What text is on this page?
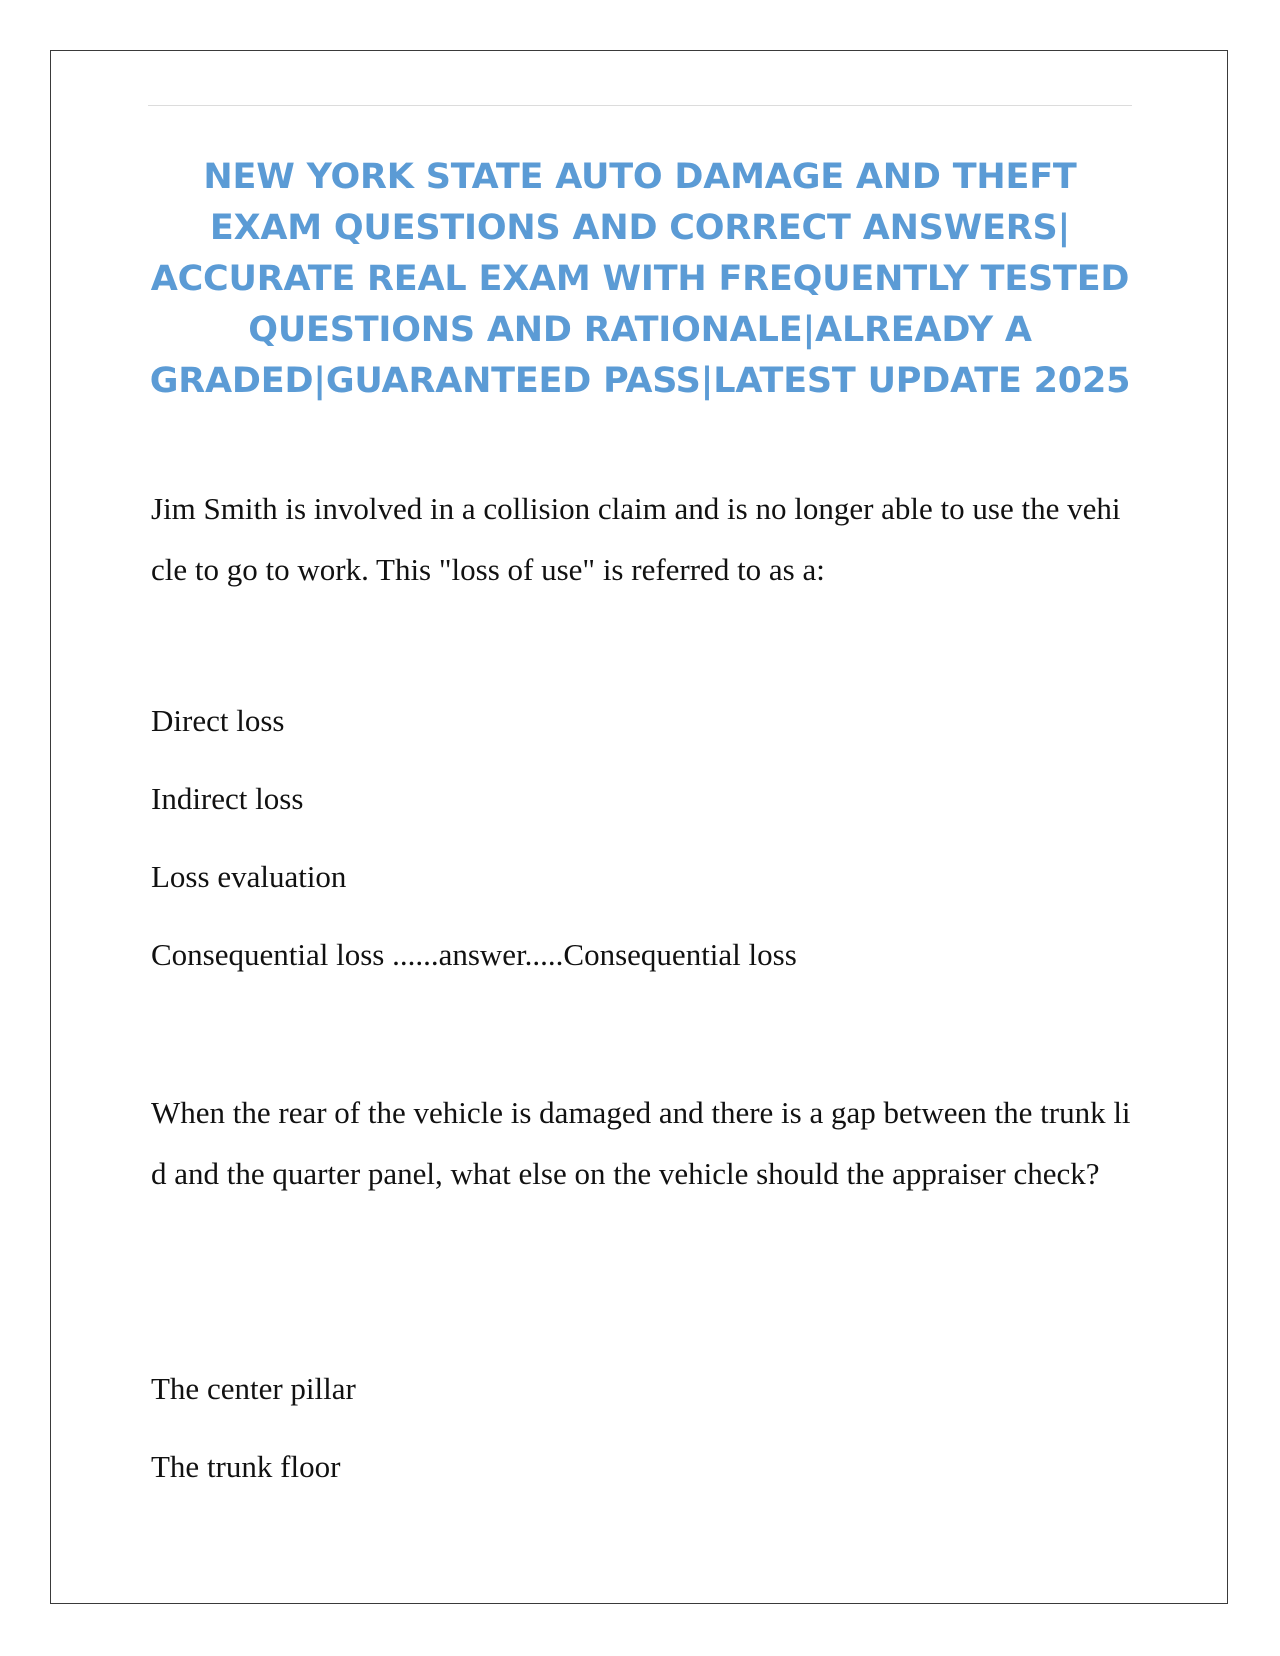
NEW YORK STATE AUTO DAMAGE AND THEFT EXAM QUESTIONS AND CORRECT ANSWERS| ACCURATE REAL EXAM WITH FREQUENTLY TESTED QUESTIONS AND RATIONALE|ALREADY A GRADED|GUARANTEED PASS|LATEST UPDATE 2025

Jim Smith is involved in a collision claim and is no longer able to use the vehicle to go to work. This "loss of use" is referred to as a:

Direct loss

Indirect loss

Loss evaluation

Consequential loss ......answer.....Consequential loss

When the rear of the vehicle is damaged and there is a gap between the trunk lid and the quarter panel, what else on the vehicle should the appraiser check?

The center pillar

The trunk floor
